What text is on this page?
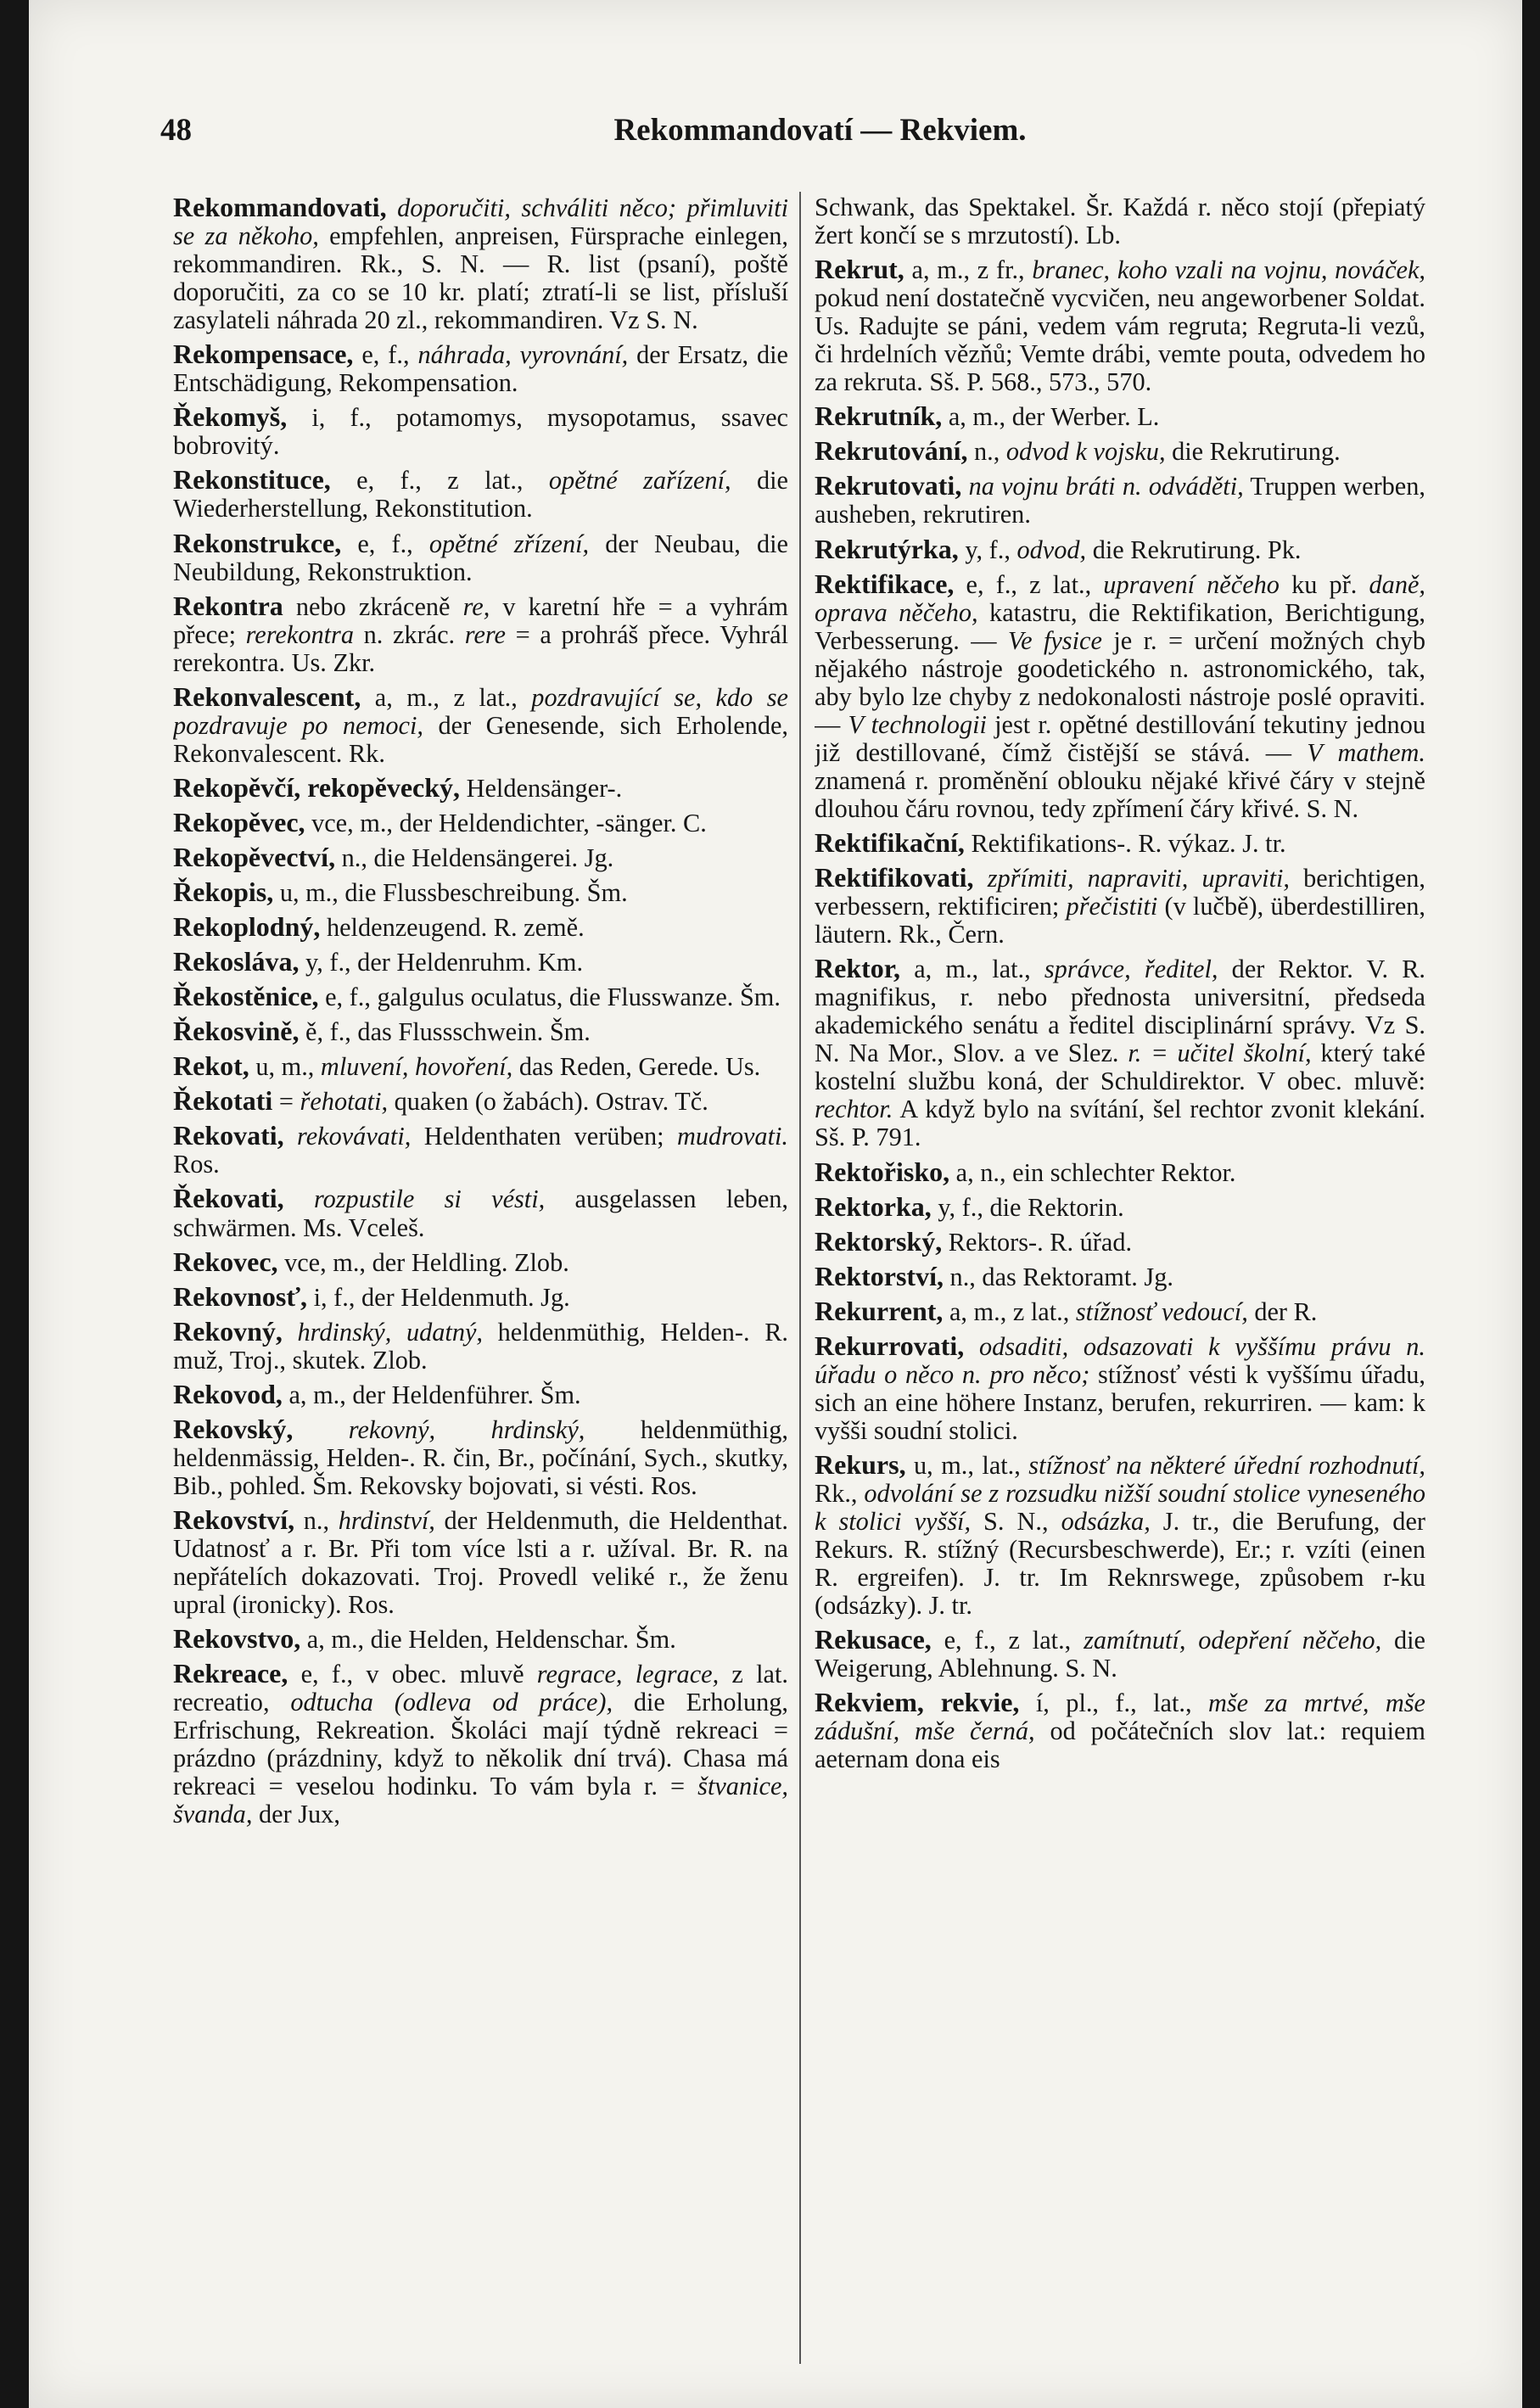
48	Rekommandovatí — Rekviem.

Rekommandovati, doporučiti, schváliti něco; přimluviti se za někoho, empfehlen, anpreisen, Fürsprache einlegen, rekommandiren. Rk., S. N. — R. list (psaní), poště doporučiti, za co se 10 kr. platí; ztratí-li se list, přísluší zasylateli náhrada 20 zl., rekommandiren. Vz S. N.

Rekompensace, e, f., náhrada, vyrovnání, der Ersatz, die Entschädigung, Rekompensation.

Řekomyš, i, f., potamomys, mysopotamus, ssavec bobrovitý.

Rekonstituce, e, f., z lat., opětné zařízení, die Wiederherstellung, Rekonstitution.

Rekonstrukce, e, f., opětné zřízení, der Neubau, die Neubildung, Rekonstruktion.

Rekontra nebo zkráceně re, v karetní hře = a vyhrám přece; rerekontra n. zkrác. rere = a prohráš přece. Vyhrál rerekontra. Us. Zkr.

Rekonvalescent, a, m., z lat., pozdravující se, kdo se pozdravuje po nemoci, der Genesende, sich Erholende, Rekonvalescent. Rk.

Rekopěvčí, rekopěvecký, Heldensänger-.

Rekopěvec, vce, m., der Heldendichter, -sänger. C.

Rekopěvectví, n., die Heldensängerei. Jg.

Řekopis, u, m., die Flussbeschreibung. Šm.

Rekoplodný, heldenzeugend. R. země.

Rekosláva, y, f., der Heldenruhm. Km.

Řekostěnice, e, f., galgulus oculatus, die Flusswanze. Šm.

Řekosvině, ě, f., das Flussschwein. Šm.

Rekot, u, m., mluvení, hovoření, das Reden, Gerede. Us.

Řekotati = řehotati, quaken (o žabách). Ostrav. Tč.

Rekovati, rekovávati, Heldenthaten verüben; mudrovati. Ros.

Řekovati, rozpustile si vésti, ausgelassen leben, schwärmen. Ms. Vceleš.

Rekovec, vce, m., der Heldling. Zlob.

Rekovnosť, i, f., der Heldenmuth. Jg.

Rekovný, hrdinský, udatný, heldenmüthig, Helden-. R. muž, Troj., skutek. Zlob.

Rekovod, a, m., der Heldenführer. Šm.

Rekovský, rekovný, hrdinský, heldenmüthig, heldenmässig, Helden-. R. čin, Br., počínání, Sych., skutky, Bib., pohled. Šm. Rekovsky bojovati, si vésti. Ros.

Rekovství, n., hrdinství, der Heldenmuth, die Heldenthat. Udatnosť a r. Br. Při tom více lsti a r. užíval. Br. R. na nepřátelích dokazovati. Troj. Provedl veliké r., že ženu upral (ironicky). Ros.

Rekovstvo, a, m., die Helden, Heldenschar. Šm.

Rekreace, e, f., v obec. mluvě regrace, legrace, z lat. recreatio, odtucha (odleva od práce), die Erholung, Erfrischung, Rekreation. Školáci mají týdně rekreaci = prázdno (prázdniny, když to několik dní trvá). Chasa má rekreaci = veselou hodinku. To vám byla r. = štvanice, švanda, der Jux,

Schwank, das Spektakel. Šr. Každá r. něco stojí (přepiatý žert končí se s mrzutostí). Lb.

Rekrut, a, m., z fr., branec, koho vzali na vojnu, nováček, pokud není dostatečně vycvičen, neu angeworbener Soldat. Us. Radujte se páni, vedem vám regruta; Regruta-li vezů, či hrdelních vězňů; Vemte drábi, vemte pouta, odvedem ho za rekruta. Sš. P. 568., 573., 570.

Rekrutník, a, m., der Werber. L.

Rekrutování, n., odvod k vojsku, die Rekrutirung.

Rekrutovati, na vojnu bráti n. odváděti, Truppen werben, ausheben, rekrutiren.

Rekrutýrka, y, f., odvod, die Rekrutirung. Pk.

Rektifikace, e, f., z lat., upravení něčeho ku př. daně, oprava něčeho, katastru, die Rektifikation, Berichtigung, Verbesserung. — Ve fysice je r. = určení možných chyb nějakého nástroje goodetického n. astronomického, tak, aby bylo lze chyby z nedokonalosti nástroje poslé opraviti. — V technologii jest r. opětné destillování tekutiny jednou již destillované, čímž čistější se stává. — V mathem. znamená r. proměnění oblouku nějaké křivé čáry v stejně dlouhou čáru rovnou, tedy zpřímení čáry křivé. S. N.

Rektifikační, Rektifikations-. R. výkaz. J. tr.

Rektifikovati, zpřímiti, napraviti, upraviti, berichtigen, verbessern, rektificiren; přečistiti (v lučbě), überdestilliren, läutern. Rk., Čern.

Rektor, a, m., lat., správce, ředitel, der Rektor. V. R. magnifikus, r. nebo přednosta universitní, předseda akademického senátu a ředitel disciplinární správy. Vz S. N. Na Mor., Slov. a ve Slez. r. = učitel školní, který také kostelní službu koná, der Schuldirektor. V obec. mluvě: rechtor. A když bylo na svítání, šel rechtor zvonit klekání. Sš. P. 791.

Rektořisko, a, n., ein schlechter Rektor.

Rektorka, y, f., die Rektorin.

Rektorský, Rektors-. R. úřad.

Rektorství, n., das Rektoramt. Jg.

Rekurrent, a, m., z lat., stížnosť vedoucí, der R.

Rekurrovati, odsaditi, odsazovati k vyššímu právu n. úřadu o něco n. pro něco; stížnosť vésti k vyššímu úřadu, sich an eine höhere Instanz, berufen, rekurriren. — kam: k vyšši soudní stolici.

Rekurs, u, m., lat., stížnosť na některé úřední rozhodnutí, Rk., odvolání se z rozsudku nižší soudní stolice vyneseného k stolici vyšší, S. N., odsázka, J. tr., die Berufung, der Rekurs. R. stížný (Recursbeschwerde), Er.; r. vzíti (einen R. ergreifen). J. tr. Im Reknrswege, způsobem r-ku (odsázky). J. tr.

Rekusace, e, f., z lat., zamítnutí, odepření něčeho, die Weigerung, Ablehnung. S. N.

Rekviem, rekvie, í, pl., f., lat., mše za mrtvé, mše zádušní, mše černá, od počátečních slov lat.: requiem aeternam dona eis
